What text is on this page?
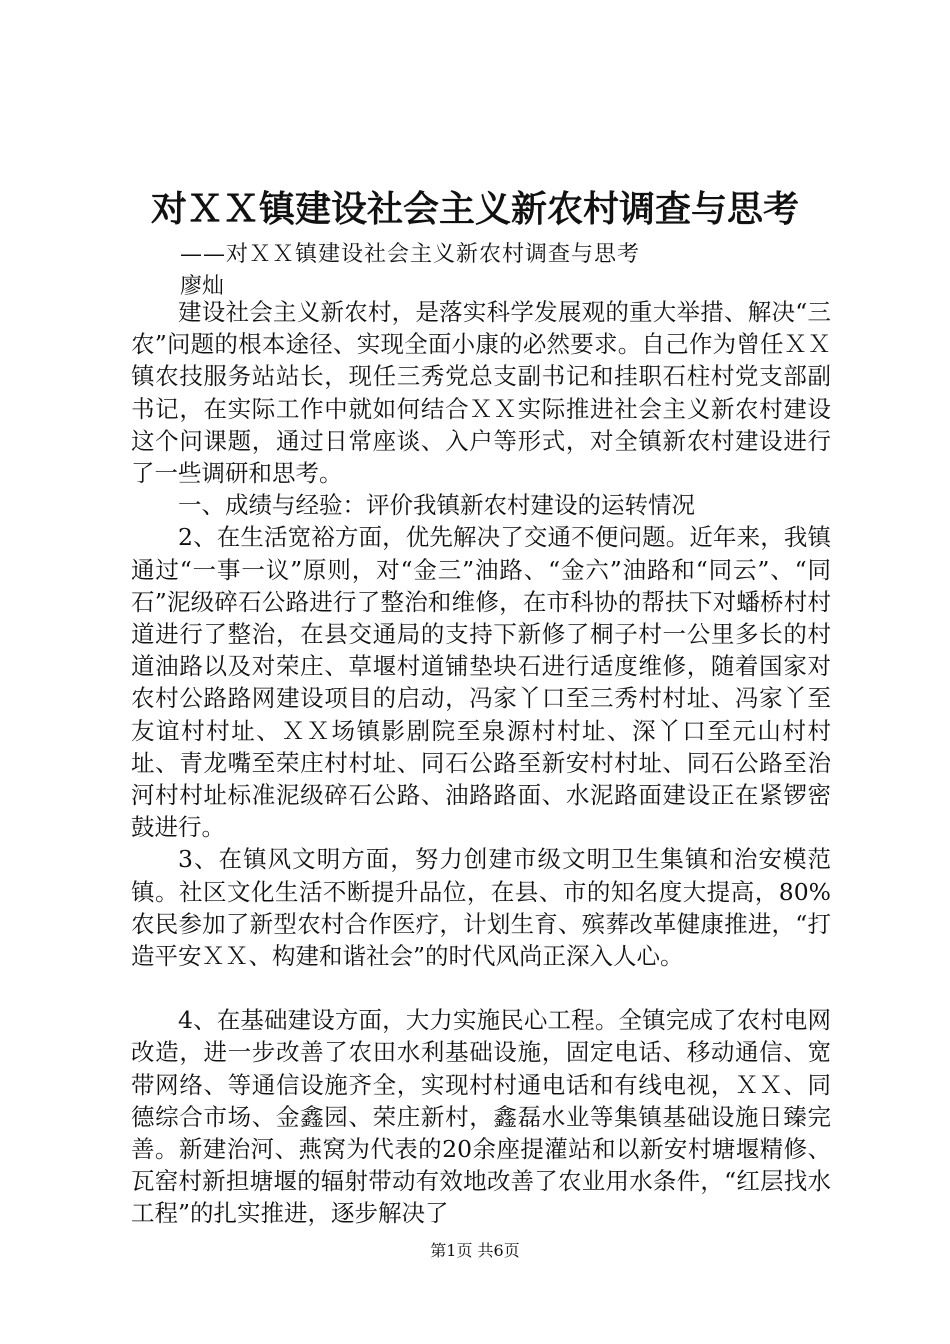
对ＸＸ镇建设社会主义新农村调查与思考
——对ＸＸ镇建设社会主义新农村调查与思考
廖灿

建设社会主义新农村，是落实科学发展观的重大举措、解决“三农”问题的根本途径、实现全面小康的必然要求。自己作为曾任ＸＸ镇农技服务站站长，现任三秀党总支副书记和挂职石柱村党支部副书记，在实际工作中就如何结合ＸＸ实际推进社会主义新农村建设这个问课题，通过日常座谈、入户等形式，对全镇新农村建设进行了一些调研和思考。

一、成绩与经验：评价我镇新农村建设的运转情况

2、在生活宽裕方面，优先解决了交通不便问题。近年来，我镇通过“一事一议”原则，对“金三”油路、“金六”油路和“同云”、“同石”泥级碎石公路进行了整治和维修，在市科协的帮扶下对蟠桥村村道进行了整治，在县交通局的支持下新修了桐子村一公里多长的村道油路以及对荣庄、草堰村道铺垫块石进行适度维修，随着国家对农村公路路网建设项目的启动，冯家丫口至三秀村村址、冯家丫至友谊村村址、ＸＸ场镇影剧院至泉源村村址、深丫口至元山村村址、青龙嘴至荣庄村村址、同石公路至新安村村址、同石公路至治河村村址标准泥级碎石公路、油路路面、水泥路面建设正在紧锣密鼓进行。

3、在镇风文明方面，努力创建市级文明卫生集镇和治安模范镇。社区文化生活不断提升品位，在县、市的知名度大提高，80%农民参加了新型农村合作医疗，计划生育、殡葬改革健康推进，“打造平安ＸＸ、构建和谐社会”的时代风尚正深入人心。

4、在基础建设方面，大力实施民心工程。全镇完成了农村电网改造，进一步改善了农田水利基础设施，固定电话、移动通信、宽带网络、等通信设施齐全，实现村村通电话和有线电视，ＸＸ、同德综合市场、金鑫园、荣庄新村，鑫磊水业等集镇基础设施日臻完善。新建治河、燕窝为代表的20余座提灌站和以新安村塘堰精修、瓦窑村新担塘堰的辐射带动有效地改善了农业用水条件，“红层找水工程”的扎实推进，逐步解决了

第1页 共6页
